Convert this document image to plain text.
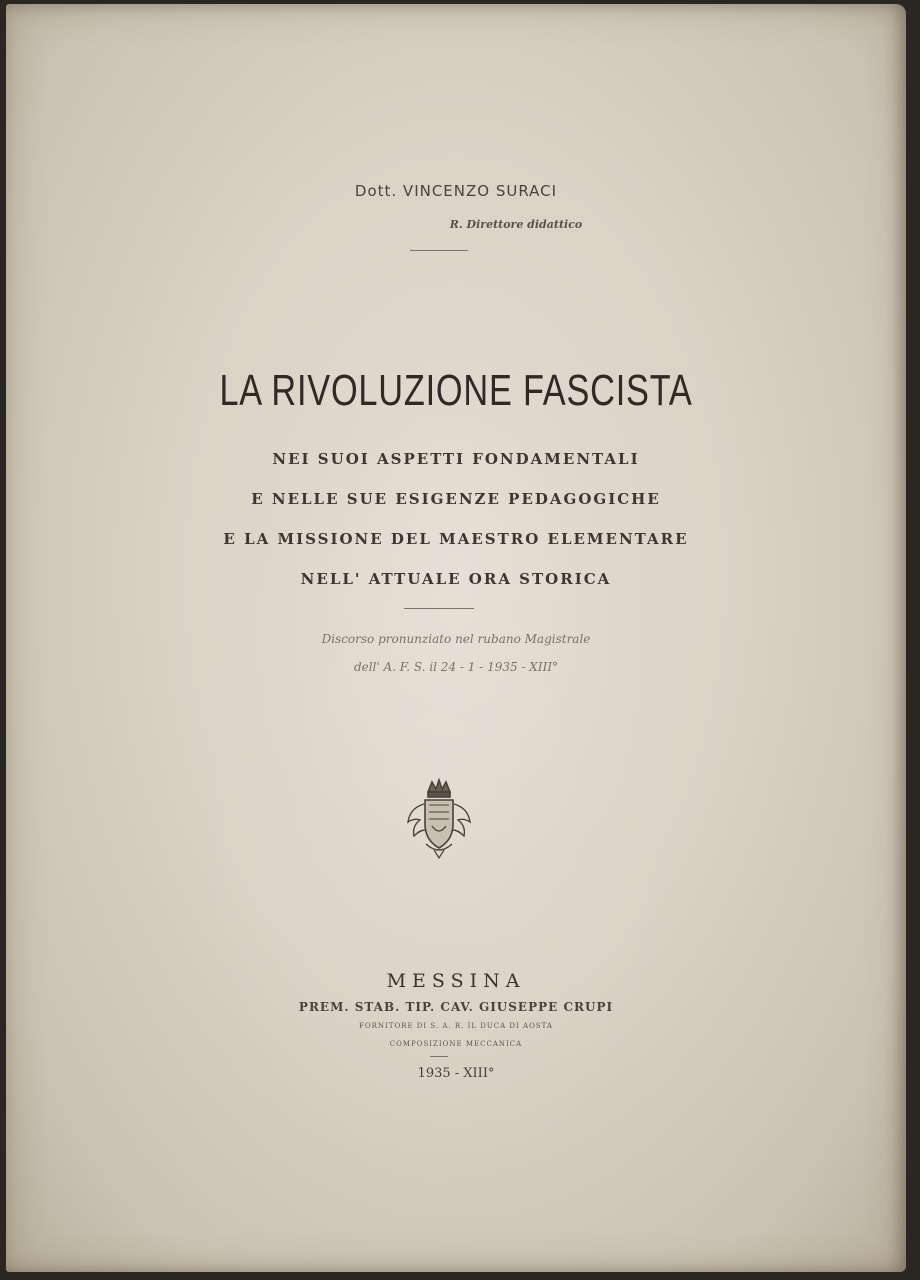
Dott. VINCENZO SURACI
R. Direttore didattico
LA RIVOLUZIONE FASCISTA
NEI SUOI ASPETTI FONDAMENTALI
E NELLE SUE ESIGENZE PEDAGOGICHE
E LA MISSIONE DEL MAESTRO ELEMENTARE
NELL' ATTUALE ORA STORICA
Discorso pronunziato nel rubano Magistrale
dell' A. F. S. il 24 - 1 - 1935 - XIII°
MESSINA
PREM. STAB. TIP. CAV. GIUSEPPE CRUPI
FORNITORE DI S. A. R. IL DUCA DI AOSTA
COMPOSIZIONE MECCANICA
1935 - XIII°
